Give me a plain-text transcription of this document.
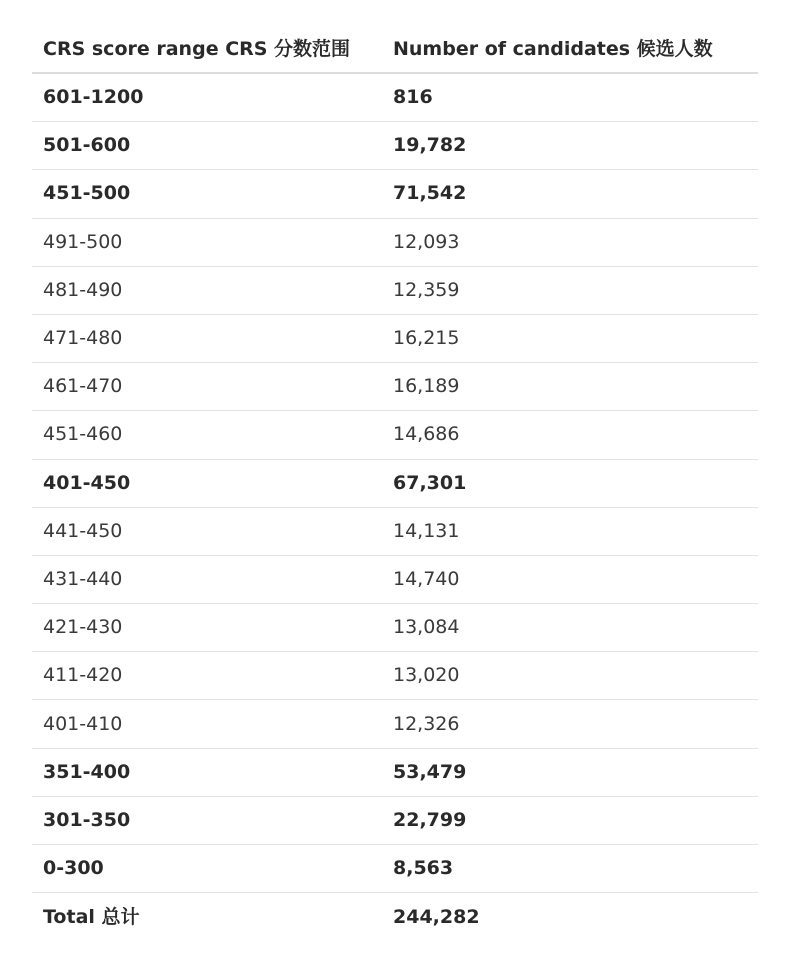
CRS score range CRS 分数范围	Number of candidates 候选人数
601-1200	816
501-600	19,782
451-500	71,542
491-500	12,093
481-490	12,359
471-480	16,215
461-470	16,189
451-460	14,686
401-450	67,301
441-450	14,131
431-440	14,740
421-430	13,084
411-420	13,020
401-410	12,326
351-400	53,479
301-350	22,799
0-300	8,563
Total 总计	244,282
